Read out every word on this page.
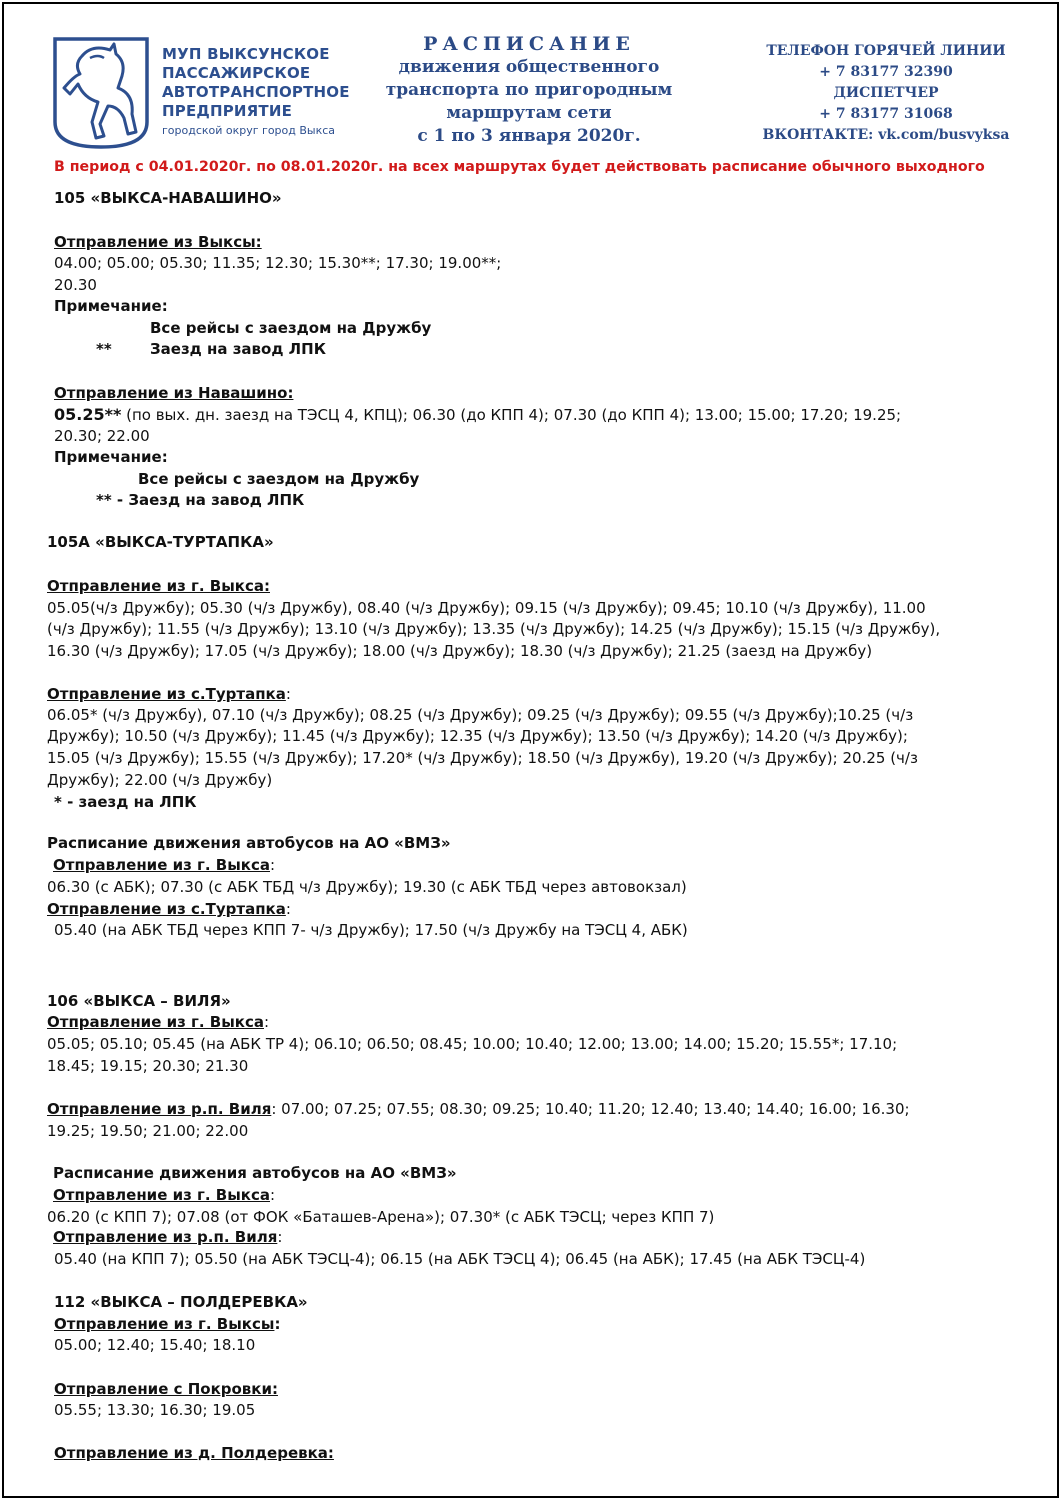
МУП ВЫКСУНСКОЕ
ПАССАЖИРСКОЕ
АВТОТРАНСПОРТНОЕ
ПРЕДПРИЯТИЕ
городской округ город Выкса
РАСПИСАНИЕ
движения общественного
транспорта по пригородным
маршрутам сети
с 1 по 3 января 2020г.
ТЕЛЕФОН ГОРЯЧЕЙ ЛИНИИ
+ 7 83177 32390
ДИСПЕТЧЕР
+ 7 83177 31068
ВКОНТАКТЕ: vk.com/busvyksa
В период с 04.01.2020г. по 08.01.2020г. на всех маршрутах будет действовать расписание обычного выходного
105 «ВЫКСА-НАВАШИНО»
Отправление из Выксы:
04.00; 05.00; 05.30; 11.35; 12.30; 15.30**; 17.30; 19.00**;
20.30
Примечание:
Все рейсы с заездом на Дружбу
**	Заезд на завод ЛПК
Отправление из Навашино:
05.25** (по вых. дн. заезд на ТЭСЦ 4, КПЦ); 06.30 (до КПП 4); 07.30 (до КПП 4); 13.00; 15.00; 17.20; 19.25;
20.30; 22.00
Примечание:
Все рейсы с заездом на Дружбу
** - Заезд на завод ЛПК
105А «ВЫКСА-ТУРТАПКА»
Отправление из г. Выкса:
05.05(ч/з Дружбу); 05.30 (ч/з Дружбу), 08.40 (ч/з Дружбу); 09.15 (ч/з Дружбу); 09.45; 10.10 (ч/з Дружбу), 11.00
(ч/з Дружбу); 11.55 (ч/з Дружбу); 13.10 (ч/з Дружбу); 13.35 (ч/з Дружбу); 14.25 (ч/з Дружбу); 15.15 (ч/з Дружбу),
16.30 (ч/з Дружбу); 17.05 (ч/з Дружбу); 18.00 (ч/з Дружбу); 18.30 (ч/з Дружбу); 21.25 (заезд на Дружбу)
Отправление из с.Туртапка:
06.05* (ч/з Дружбу), 07.10 (ч/з Дружбу); 08.25 (ч/з Дружбу); 09.25 (ч/з Дружбу); 09.55 (ч/з Дружбу);10.25 (ч/з
Дружбу); 10.50 (ч/з Дружбу); 11.45 (ч/з Дружбу); 12.35 (ч/з Дружбу); 13.50 (ч/з Дружбу); 14.20 (ч/з Дружбу);
15.05 (ч/з Дружбу); 15.55 (ч/з Дружбу); 17.20* (ч/з Дружбу); 18.50 (ч/з Дружбу), 19.20 (ч/з Дружбу); 20.25 (ч/з
Дружбу); 22.00 (ч/з Дружбу)
* - заезд на ЛПК
Расписание движения автобусов на АО «ВМЗ»
Отправление из г. Выкса:
06.30 (с АБК); 07.30 (с АБК ТБД ч/з Дружбу); 19.30 (с АБК ТБД через автовокзал)
Отправление из с.Туртапка:
05.40 (на АБК ТБД через КПП 7- ч/з Дружбу); 17.50 (ч/з Дружбу на ТЭСЦ 4, АБК)
106 «ВЫКСА – ВИЛЯ»
Отправление из г. Выкса:
05.05; 05.10; 05.45 (на АБК ТР 4); 06.10; 06.50; 08.45; 10.00; 10.40; 12.00; 13.00; 14.00; 15.20; 15.55*; 17.10;
18.45; 19.15; 20.30; 21.30
Отправление из р.п. Виля: 07.00; 07.25; 07.55; 08.30; 09.25; 10.40; 11.20; 12.40; 13.40; 14.40; 16.00; 16.30;
19.25; 19.50; 21.00; 22.00
Расписание движения автобусов на АО «ВМЗ»
Отправление из г. Выкса:
06.20 (с КПП 7); 07.08 (от ФОК «Баташев-Арена»); 07.30* (с АБК ТЭСЦ; через КПП 7)
Отправление из р.п. Виля:
05.40 (на КПП 7); 05.50 (на АБК ТЭСЦ-4); 06.15 (на АБК ТЭСЦ 4); 06.45 (на АБК); 17.45 (на АБК ТЭСЦ-4)
112 «ВЫКСА – ПОЛДЕРЕВКА»
Отправление из г. Выксы:
05.00; 12.40; 15.40; 18.10
Отправление с Покровки:
05.55; 13.30; 16.30; 19.05
Отправление из д. Полдеревка:
